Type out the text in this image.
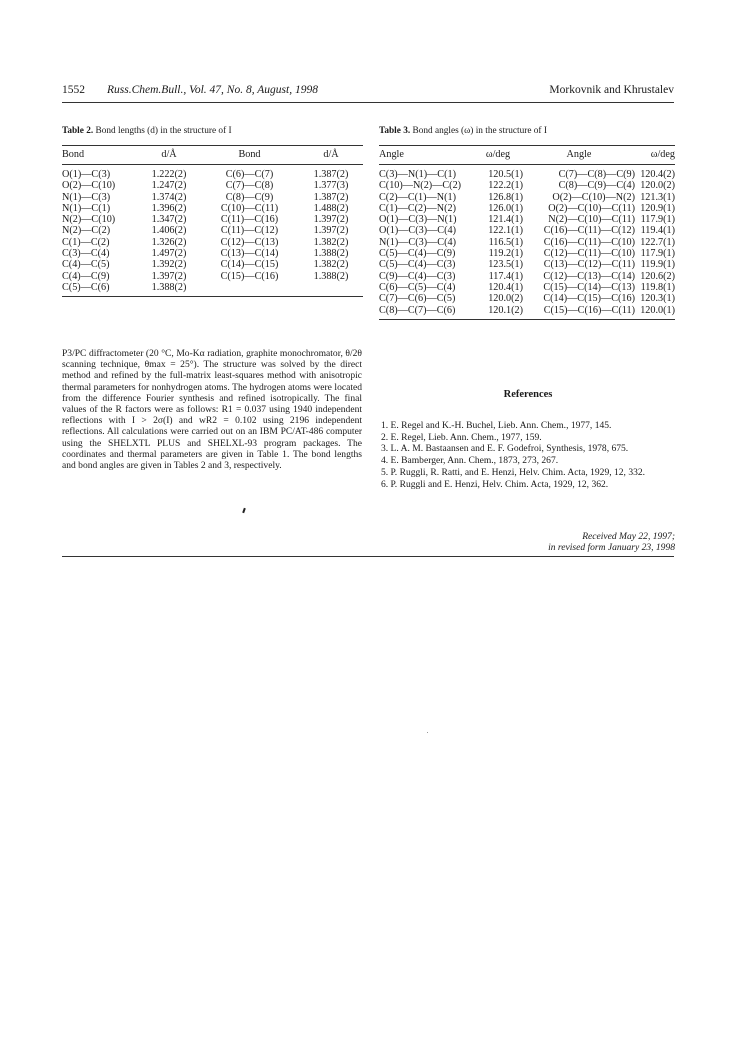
1552 Russ.Chem.Bull., Vol. 47, No. 8, August, 1998	Morkovnik and Khrustalev
Table 2. Bond lengths (d) in the structure of I
Bond	d/Å	Bond	d/Å
O(1)—C(3)	1.222(2)	C(6)—C(7)	1.387(2)
O(2)—C(10)	1.247(2)	C(7)—C(8)	1.377(3)
N(1)—C(3)	1.374(2)	C(8)—C(9)	1.387(2)
N(1)—C(1)	1.396(2)	C(10)—C(11)	1.488(2)
N(2)—C(10)	1.347(2)	C(11)—C(16)	1.397(2)
N(2)—C(2)	1.406(2)	C(11)—C(12)	1.397(2)
C(1)—C(2)	1.326(2)	C(12)—C(13)	1.382(2)
C(3)—C(4)	1.497(2)	C(13)—C(14)	1.388(2)
C(4)—C(5)	1.392(2)	C(14)—C(15)	1.382(2)
C(4)—C(9)	1.397(2)	C(15)—C(16)	1.388(2)
C(5)—C(6)	1.388(2)		
Table 3. Bond angles (ω) in the structure of I
Angle	ω/deg	Angle	ω/deg
C(3)—N(1)—C(1)	120.5(1)	C(7)—C(8)—C(9)	120.4(2)
C(10)—N(2)—C(2)	122.2(1)	C(8)—C(9)—C(4)	120.0(2)
C(2)—C(1)—N(1)	126.8(1)	O(2)—C(10)—N(2)	121.3(1)
C(1)—C(2)—N(2)	126.0(1)	O(2)—C(10)—C(11)	120.9(1)
O(1)—C(3)—N(1)	121.4(1)	N(2)—C(10)—C(11)	117.9(1)
O(1)—C(3)—C(4)	122.1(1)	C(16)—C(11)—C(12)	119.4(1)
N(1)—C(3)—C(4)	116.5(1)	C(16)—C(11)—C(10)	122.7(1)
C(5)—C(4)—C(9)	119.2(1)	C(12)—C(11)—C(10)	117.9(1)
C(5)—C(4)—C(3)	123.5(1)	C(13)—C(12)—C(11)	119.9(1)
C(9)—C(4)—C(3)	117.4(1)	C(12)—C(13)—C(14)	120.6(2)
C(6)—C(5)—C(4)	120.4(1)	C(15)—C(14)—C(13)	119.8(1)
C(7)—C(6)—C(5)	120.0(2)	C(14)—C(15)—C(16)	120.3(1)
C(8)—C(7)—C(6)	120.1(2)	C(15)—C(16)—C(11)	120.0(1)
P3/PC diffractometer (20 °C, Mo-Kα radiation, graphite monochromator, θ/2θ scanning technique, θmax = 25°). The structure was solved by the direct method and refined by the full-matrix least-squares method with anisotropic thermal parameters for nonhydrogen atoms. The hydrogen atoms were located from the difference Fourier synthesis and refined isotropically. The final values of the R factors were as follows: R1 = 0.037 using 1940 independent reflections with I > 2σ(I) and wR2 = 0.102 using 2196 independent reflections. All calculations were carried out on an IBM PC/AT-486 computer using the SHELXTL PLUS and SHELXL-93 program packages. The coordinates and thermal parameters are given in Table 1. The bond lengths and bond angles are given in Tables 2 and 3, respectively.
References
1. E. Regel and K.-H. Buchel, Lieb. Ann. Chem., 1977, 145.
2. E. Regel, Lieb. Ann. Chem., 1977, 159.
3. L. A. M. Bastaansen and E. F. Godefroi, Synthesis, 1978, 675.
4. E. Bamberger, Ann. Chem., 1873, 273, 267.
5. P. Ruggli, R. Ratti, and E. Henzi, Helv. Chim. Acta, 1929, 12, 332.
6. P. Ruggli and E. Henzi, Helv. Chim. Acta, 1929, 12, 362.
Received May 22, 1997;
in revised form January 23, 1998
